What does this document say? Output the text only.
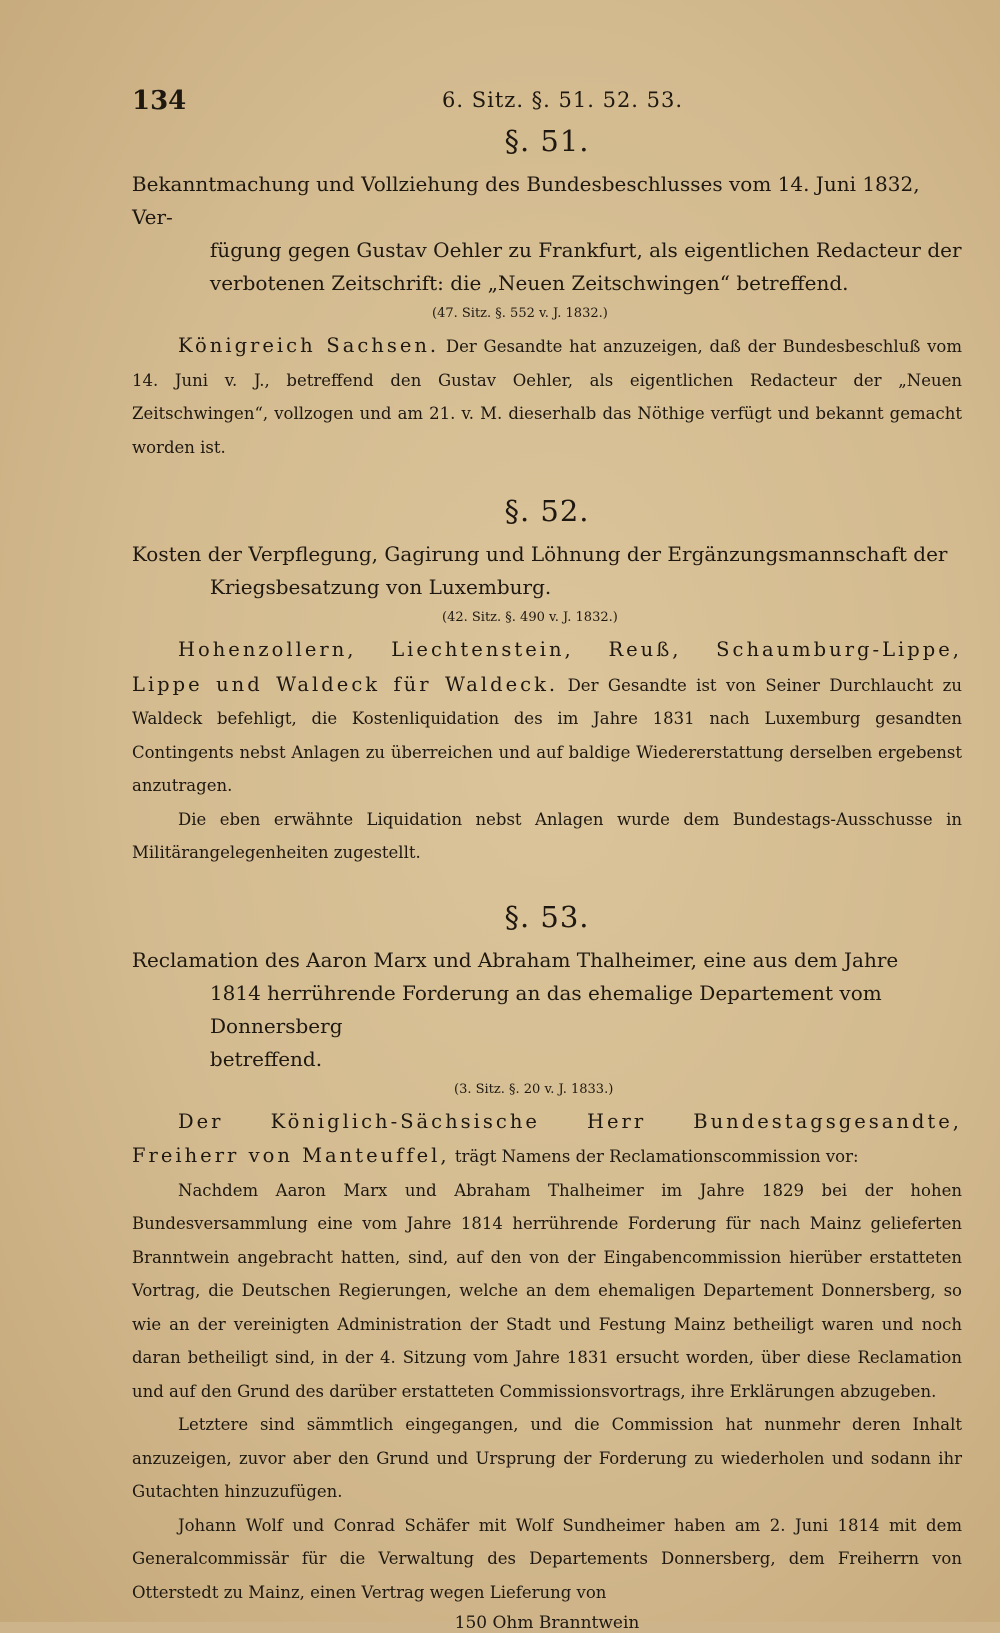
134	6. Sitz. §. 51. 52. 53.
§. 51.
Bekanntmachung und Vollziehung des Bundesbeschlusses vom 14. Juni 1832, Ver-
fügung gegen Gustav Oehler zu Frankfurt, als eigentlichen Redacteur der
verbotenen Zeitschrift: die „Neuen Zeitschwingen“ betreffend.
(47. Sitz. §. 552 v. J. 1832.)

Königreich Sachsen. Der Gesandte hat anzuzeigen, daß der Bundesbeschluß vom 14. Juni v. J., betreffend den Gustav Oehler, als eigentlichen Redacteur der „Neuen Zeitschwingen“, vollzogen und am 21. v. M. dieserhalb das Nöthige verfügt und bekannt gemacht worden ist.

§. 52.
Kosten der Verpflegung, Gagirung und Löhnung der Ergänzungsmannschaft der
Kriegsbesatzung von Luxemburg.
(42. Sitz. §. 490 v. J. 1832.)

Hohenzollern, Liechtenstein, Reuß, Schaumburg-Lippe, Lippe und Waldeck für Waldeck. Der Gesandte ist von Seiner Durchlaucht zu Waldeck befehligt, die Kostenliquidation des im Jahre 1831 nach Luxemburg gesandten Contingents nebst Anlagen zu überreichen und auf baldige Wiedererstattung derselben ergebenst anzutragen.

Die eben erwähnte Liquidation nebst Anlagen wurde dem Bundestags-Ausschusse in Militärangelegenheiten zugestellt.

§. 53.
Reclamation des Aaron Marx und Abraham Thalheimer, eine aus dem Jahre
1814 herrührende Forderung an das ehemalige Departement vom Donnersberg
betreffend.
(3. Sitz. §. 20 v. J. 1833.)

Der Königlich-Sächsische Herr Bundestagsgesandte, Freiherr von Manteuffel, trägt Namens der Reclamationscommission vor:

Nachdem Aaron Marx und Abraham Thalheimer im Jahre 1829 bei der hohen Bundesversammlung eine vom Jahre 1814 herrührende Forderung für nach Mainz gelieferten Branntwein angebracht hatten, sind, auf den von der Eingabencommission hierüber erstatteten Vortrag, die Deutschen Regierungen, welche an dem ehemaligen Departement Donnersberg, so wie an der vereinigten Administration der Stadt und Festung Mainz betheiligt waren und noch daran betheiligt sind, in der 4. Sitzung vom Jahre 1831 ersucht worden, über diese Reclamation und auf den Grund des darüber erstatteten Commissionsvortrags, ihre Erklärungen abzugeben.

Letztere sind sämmtlich eingegangen, und die Commission hat nunmehr deren Inhalt anzuzeigen, zuvor aber den Grund und Ursprung der Forderung zu wiederholen und sodann ihr Gutachten hinzuzufügen.

Johann Wolf und Conrad Schäfer mit Wolf Sundheimer haben am 2. Juni 1814 mit dem Generalcommissär für die Verwaltung des Departements Donnersberg, dem Freiherrn von Otterstedt zu Mainz, einen Vertrag wegen Lieferung von

150 Ohm Branntwein
